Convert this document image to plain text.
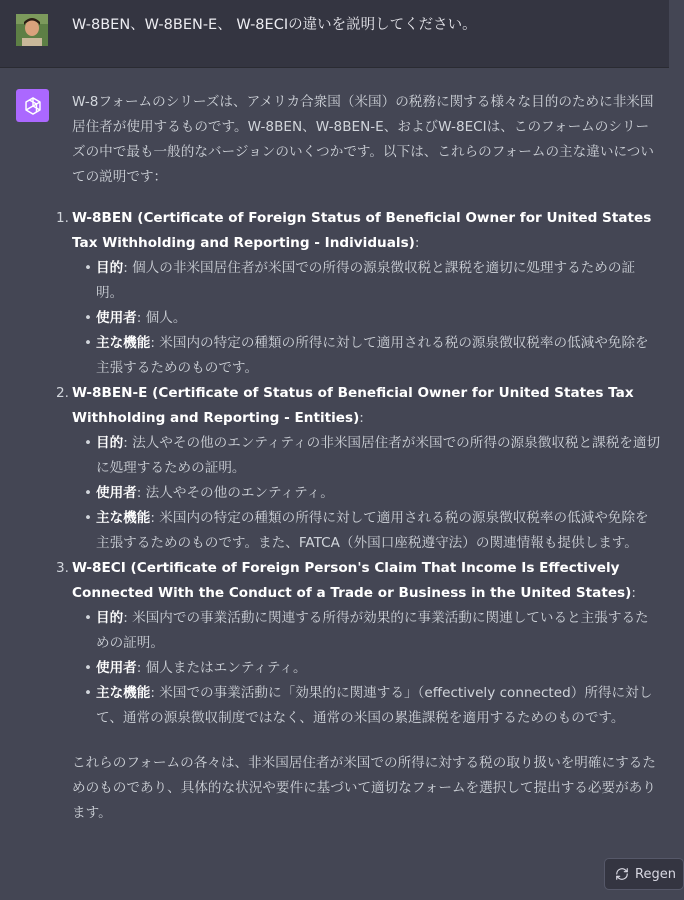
W-8BEN、W-8BEN-E、 W-8ECIの違いを説明してください。

W-8フォームのシリーズは、アメリカ合衆国（米国）の税務に関する様々な目的のために非米国居住者が使用するものです。W-8BEN、W-8BEN-E、およびW-8ECIは、このフォームのシリーズの中で最も一般的なバージョンのいくつかです。以下は、これらのフォームの主な違いについての説明です：

1. W-8BEN (Certificate of Foreign Status of Beneficial Owner for United States Tax Withholding and Reporting - Individuals):
• 目的: 個人の非米国居住者が米国での所得の源泉徴収税と課税を適切に処理するための証明。
• 使用者: 個人。
• 主な機能: 米国内の特定の種類の所得に対して適用される税の源泉徴収税率の低減や免除を主張するためのものです。
2. W-8BEN-E (Certificate of Status of Beneficial Owner for United States Tax Withholding and Reporting - Entities):
• 目的: 法人やその他のエンティティの非米国居住者が米国での所得の源泉徴収税と課税を適切に処理するための証明。
• 使用者: 法人やその他のエンティティ。
• 主な機能: 米国内の特定の種類の所得に対して適用される税の源泉徴収税率の低減や免除を主張するためのものです。また、FATCA（外国口座税遵守法）の関連情報も提供します。
3. W-8ECI (Certificate of Foreign Person's Claim That Income Is Effectively Connected With the Conduct of a Trade or Business in the United States):
• 目的: 米国内での事業活動に関連する所得が効果的に事業活動に関連していると主張するための証明。
• 使用者: 個人またはエンティティ。
• 主な機能: 米国での事業活動に「効果的に関連する」（effectively connected）所得に対して、通常の源泉徴収制度ではなく、通常の米国の累進課税を適用するためのものです。

これらのフォームの各々は、非米国居住者が米国での所得に対する税の取り扱いを明確にするためのものであり、具体的な状況や要件に基づいて適切なフォームを選択して提出する必要があります。

Regen
